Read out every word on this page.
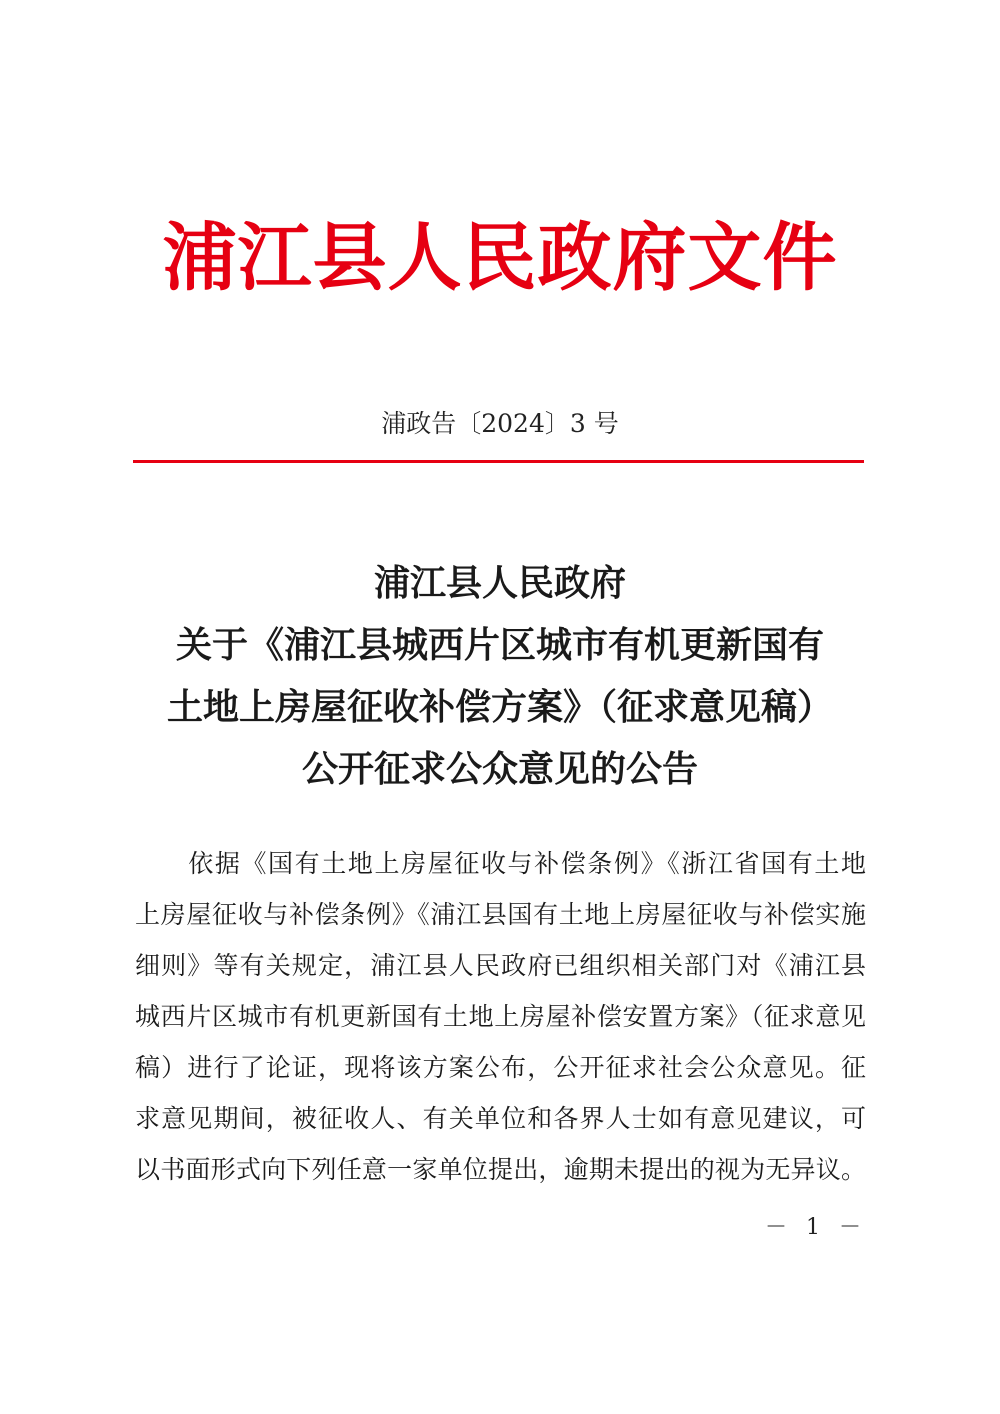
浦江县人民政府文件
浦政告〔2024〕3 号
浦江县人民政府
关于《浦江县城西片区城市有机更新国有
土地上房屋征收补偿方案》（征求意见稿）
公开征求公众意见的公告
　　依据《国有土地上房屋征收与补偿条例》《浙江省国有土地
上房屋征收与补偿条例》《浦江县国有土地上房屋征收与补偿实施
细则》等有关规定，浦江县人民政府已组织相关部门对《浦江县
城西片区城市有机更新国有土地上房屋补偿安置方案》（征求意见
稿）进行了论证，现将该方案公布，公开征求社会公众意见。征
求意见期间，被征收人、有关单位和各界人士如有意见建议，可
以书面形式向下列任意一家单位提出，逾期未提出的视为无异议。
－ 1 －
